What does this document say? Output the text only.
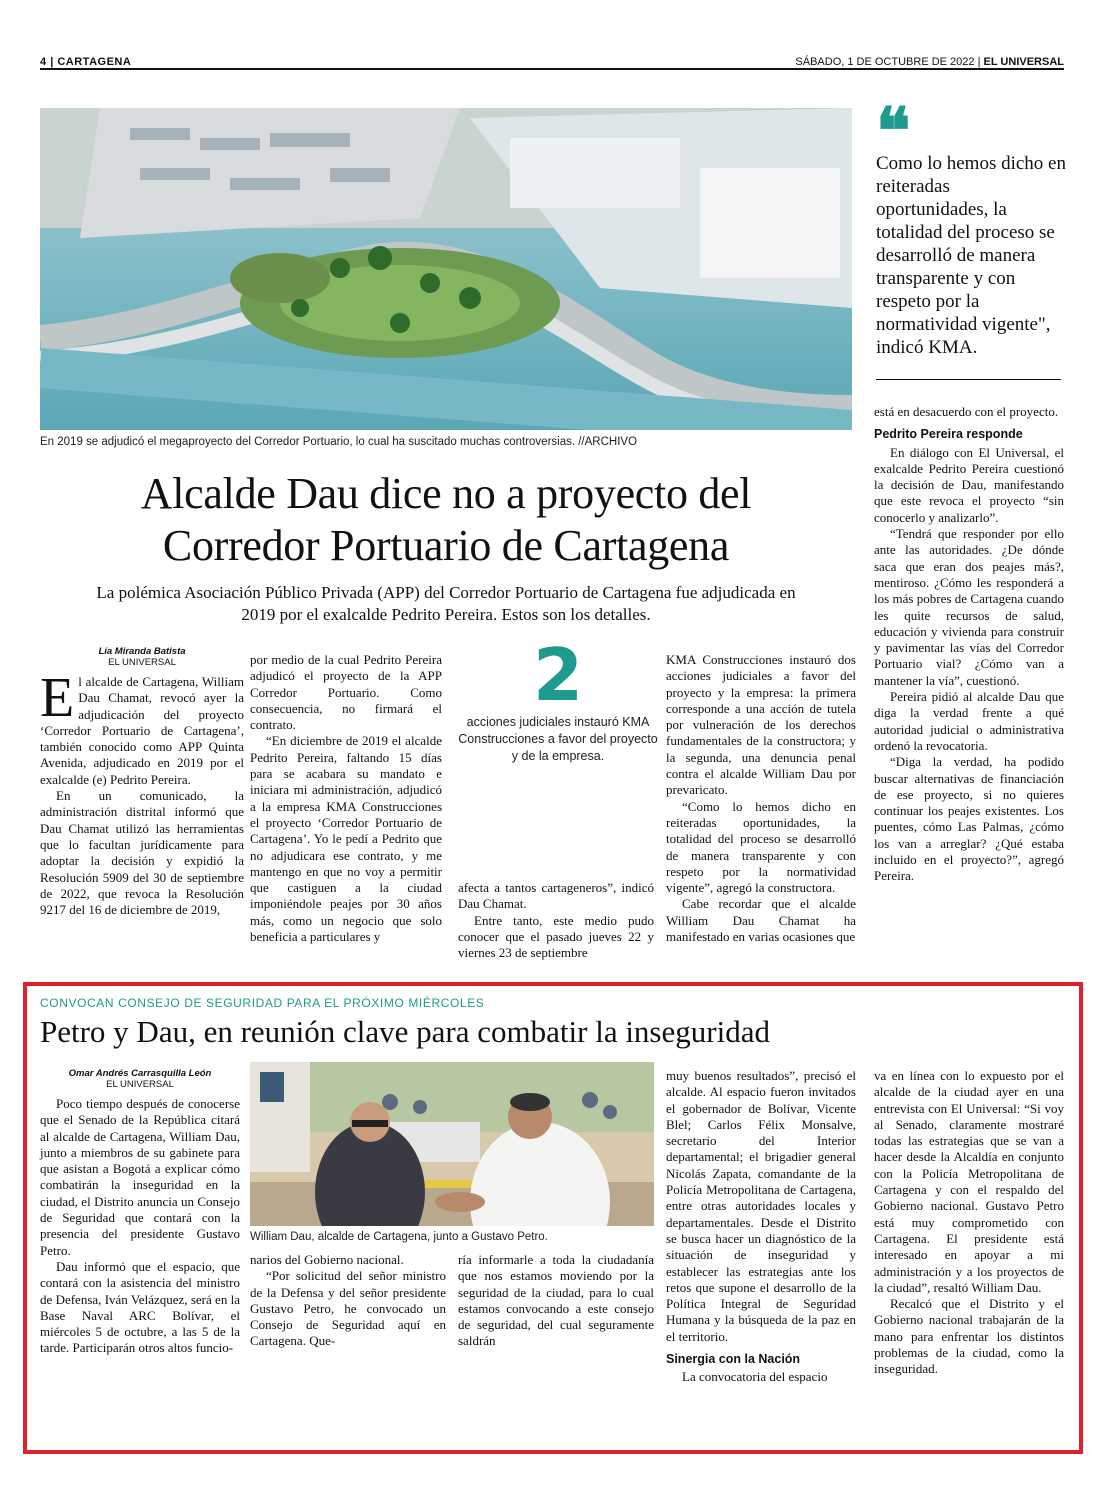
4 | CARTAGENA	SÁBADO, 1 DE OCTUBRE DE 2022 | EL UNIVERSAL
En 2019 se adjudicó el megaproyecto del Corredor Portuario, lo cual ha suscitado muchas controversias. //ARCHIVO
❝
Como lo hemos dicho en reiteradas oportunidades, la totalidad del proceso se desarrolló de manera transparente y con respeto por la normatividad vigente", indicó KMA.
Alcalde Dau dice no a proyecto del
Corredor Portuario de Cartagena
La polémica Asociación Público Privada (APP) del Corredor Portuario de Cartagena fue adjudicada en 2019 por el exalcalde Pedrito Pereira. Estos son los detalles.
Lía Miranda Batista
EL UNIVERSAL

El alcalde de Cartagena, William Dau Chamat, revocó ayer la adjudicación del proyecto ‘Corredor Portuario de Cartagena’, también conocido como APP Quinta Avenida, adjudicado en 2019 por el exalcalde (e) Pedrito Pereira.

En un comunicado, la administración distrital informó que Dau Chamat utilizó las herramientas que lo facultan jurídicamente para adoptar la decisión y expidió la Resolución 5909 del 30 de septiembre de 2022, que revoca la Resolución 9217 del 16 de diciembre de 2019,

por medio de la cual Pedrito Pereira adjudicó el proyecto de la APP Corredor Portuario. Como consecuencia, no firmará el contrato.

“En diciembre de 2019 el alcalde Pedrito Pereira, faltando 15 días para se acabara su mandato e iniciara mi administración, adjudicó a la empresa KMA Construcciones el proyecto ‘Corredor Portuario de Cartagena’. Yo le pedí a Pedrito que no adjudicara ese contrato, y me mantengo en que no voy a permitir que castiguen a la ciudad imponiéndole peajes por 30 años más, como un negocio que solo beneficia a particulares y

2
acciones judiciales instauró KMA Construcciones a favor del proyecto y de la empresa.

afecta a tantos cartageneros”, indicó Dau Chamat.

Entre tanto, este medio pudo conocer que el pasado jueves 22 y viernes 23 de septiembre

KMA Construcciones instauró dos acciones judiciales a favor del proyecto y la empresa: la primera corresponde a una acción de tutela por vulneración de los derechos fundamentales de la constructora; y la segunda, una denuncia penal contra el alcalde William Dau por prevaricato.

“Como lo hemos dicho en reiteradas oportunidades, la totalidad del proceso se desarrolló de manera transparente y con respeto por la normatividad vigente”, agregó la constructora.

Cabe recordar que el alcalde William Dau Chamat ha manifestado en varias ocasiones que

está en desacuerdo con el proyecto.

Pedrito Pereira responde

En diálogo con El Universal, el exalcalde Pedrito Pereira cuestionó la decisión de Dau, manifestando que este revoca el proyecto “sin conocerlo y analizarlo”.

“Tendrá que responder por ello ante las autoridades. ¿De dónde saca que eran dos peajes más?, mentiroso. ¿Cómo les responderá a los más pobres de Cartagena cuando les quite recursos de salud, educación y vivienda para construir y pavimentar las vías del Corredor Portuario vial? ¿Cómo van a mantener la vía”, cuestionó.

Pereira pidió al alcalde Dau que diga la verdad frente a qué autoridad judicial o administrativa ordenó la revocatoria.

“Diga la verdad, ha podido buscar alternativas de financiación de ese proyecto, si no quieres continuar los peajes existentes. Los puentes, cómo Las Palmas, ¿cómo los van a arreglar? ¿Qué estaba incluido en el proyecto?”, agregó Pereira.

CONVOCAN CONSEJO DE SEGURIDAD PARA EL PRÓXIMO MIÉRCOLES
Petro y Dau, en reunión clave para combatir la inseguridad
Omar Andrés Carrasquilla León
EL UNIVERSAL

Poco tiempo después de conocerse que el Senado de la República citará al alcalde de Cartagena, William Dau, junto a miembros de su gabinete para que asistan a Bogotá a explicar cómo combatirán la inseguridad en la ciudad, el Distrito anuncia un Consejo de Seguridad que contará con la presencia del presidente Gustavo Petro.

Dau informó que el espacio, que contará con la asistencia del ministro de Defensa, Iván Velázquez, será en la Base Naval ARC Bolívar, el miércoles 5 de octubre, a las 5 de la tarde. Participarán otros altos funcio-

William Dau, alcalde de Cartagena, junto a Gustavo Petro.

narios del Gobierno nacional.

“Por solicitud del señor ministro de la Defensa y del señor presidente Gustavo Petro, he convocado un Consejo de Seguridad aquí en Cartagena. Que-

ría informarle a toda la ciudadanía que nos estamos moviendo por la seguridad de la ciudad, para lo cual estamos convocando a este consejo de seguridad, del cual seguramente saldrán

muy buenos resultados”, precisó el alcalde. Al espacio fueron invitados el gobernador de Bolívar, Vicente Blel; Carlos Félix Monsalve, secretario del Interior departamental; el brigadier general Nicolás Zapata, comandante de la Policía Metropolitana de Cartagena, entre otras autoridades locales y departamentales. Desde el Distrito se busca hacer un diagnóstico de la situación de inseguridad y establecer las estrategias ante los retos que supone el desarrollo de la Política Integral de Seguridad Humana y la búsqueda de la paz en el territorio.

Sinergia con la Nación

La convocatoria del espacio

va en línea con lo expuesto por el alcalde de la ciudad ayer en una entrevista con El Universal: “Si voy al Senado, claramente mostraré todas las estrategias que se van a hacer desde la Alcaldía en conjunto con la Policía Metropolitana de Cartagena y con el respaldo del Gobierno nacional. Gustavo Petro está muy comprometido con Cartagena. El presidente está interesado en apoyar a mi administración y a los proyectos de la ciudad”, resaltó William Dau.

Recalcó que el Distrito y el Gobierno nacional trabajarán de la mano para enfrentar los distintos problemas de la ciudad, como la inseguridad.
